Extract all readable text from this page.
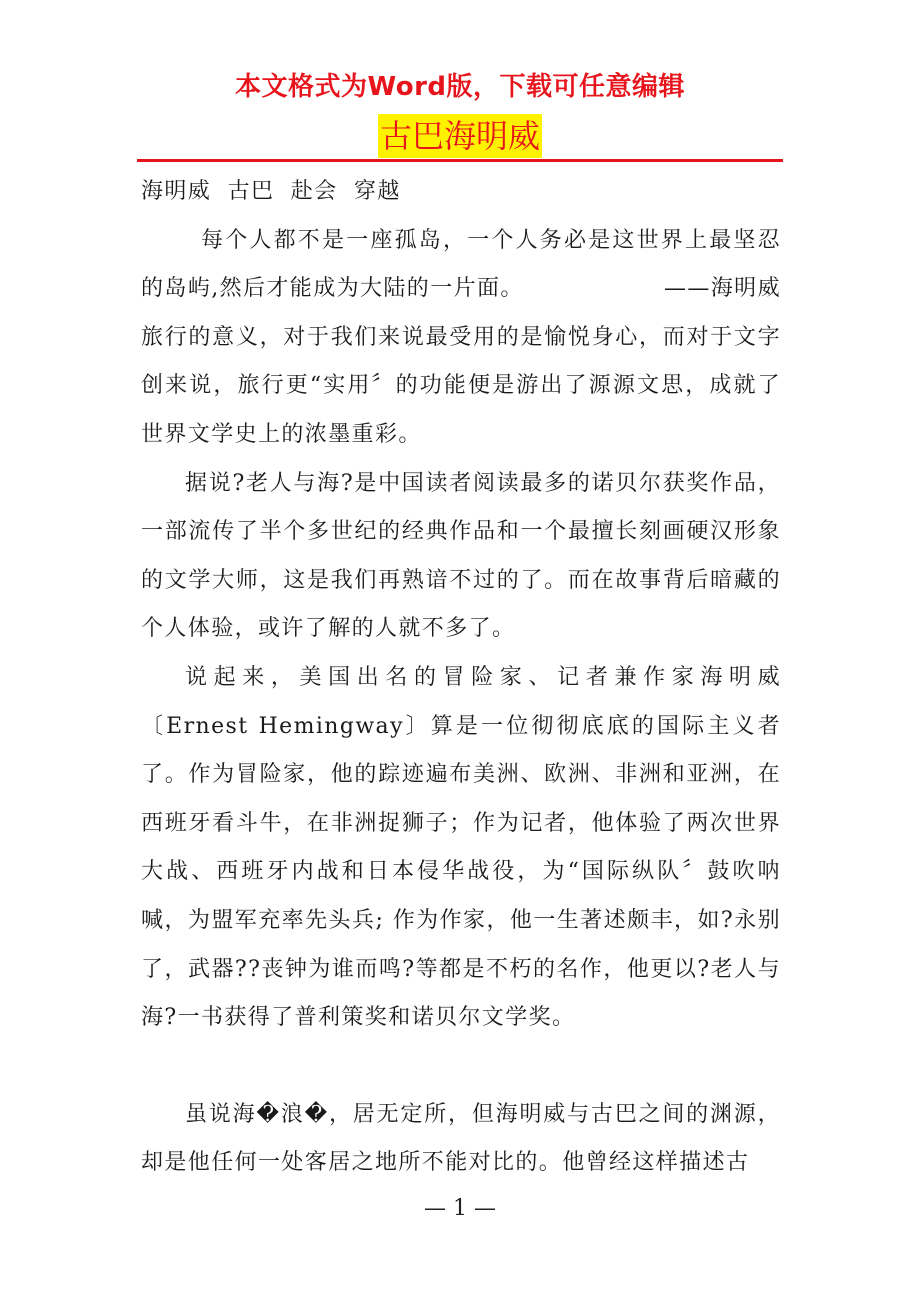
本文格式为Word版，下载可任意编辑
古巴海明威

海明威 古巴 赴会 穿越

每个人都不是一座孤岛，一个人务必是这世界上最坚忍的岛屿,然后才能成为大陆的一片面。	——海明威

旅行的意义，对于我们来说最受用的是愉悦身心，而对于文字创来说，旅行更“实用〞的功能便是游出了源源文思，成就了世界文学史上的浓墨重彩。

据说?老人与海?是中国读者阅读最多的诺贝尔获奖作品，一部流传了半个多世纪的经典作品和一个最擅长刻画硬汉形象的文学大师，这是我们再熟谙不过的了。而在故事背后暗藏的个人体验，或许了解的人就不多了。

说起来，美国出名的冒险家、记者兼作家海明威〔Ernest Hemingway〕算是一位彻彻底底的国际主义者了。作为冒险家，他的踪迹遍布美洲、欧洲、非洲和亚洲，在西班牙看斗牛，在非洲捉狮子；作为记者，他体验了两次世界大战、西班牙内战和日本侵华战役，为“国际纵队〞鼓吹呐喊，为盟军充率先头兵; 作为作家，他一生著述颇丰，如?永别了，武器??丧钟为谁而鸣?等都是不朽的名作，他更以?老人与海?一书获得了普利策奖和诺贝尔文学奖。

虽说海�浪�，居无定所，但海明威与古巴之间的渊源，却是他任何一处客居之地所不能对比的。他曾经这样描述古

— 1 —
